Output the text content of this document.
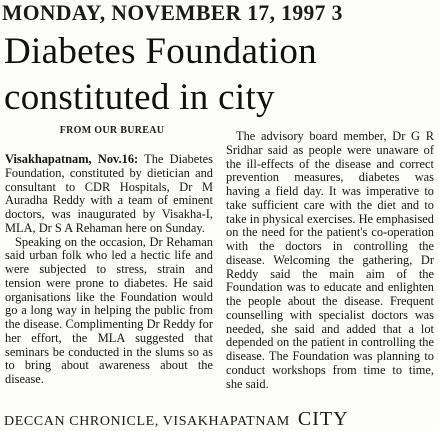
MONDAY, NOVEMBER 17, 1997 3
Diabetes Foundation
constituted in city
FROM OUR BUREAU

Visakhapatnam, Nov.16: The Diabetes Foundation, constituted by dietician and consultant to CDR Hospitals, Dr M Auradha Reddy with a team of eminent doctors, was inaugurated by Visakha-I, MLA, Dr S A Rehaman here on Sunday.

Speaking on the occasion, Dr Rehaman said urban folk who led a hectic life and were subjected to stress, strain and tension were prone to diabetes. He said organisations like the Foundation would go a long way in helping the public from the disease. Complimenting Dr Reddy for her effort, the MLA suggested that seminars be conducted in the slums so as to bring about awareness about the disease.

The advisory board member, Dr G R Sridhar said as people were unaware of the ill-effects of the disease and correct prevention measures, diabetes was having a field day. It was imperative to take sufficient care with the diet and to take in physical exercises. He emphasised on the need for the patient's co-operation with the doctors in controlling the disease. Welcoming the gathering, Dr Reddy said the main aim of the Foundation was to educate and enlighten the people about the disease. Frequent counselling with specialist doctors was needed, she said and added that a lot depended on the patient in controlling the disease. The Foundation was planning to conduct workshops from time to time, she said.

DECCAN CHRONICLE, VISAKHAPATNAM CITY
